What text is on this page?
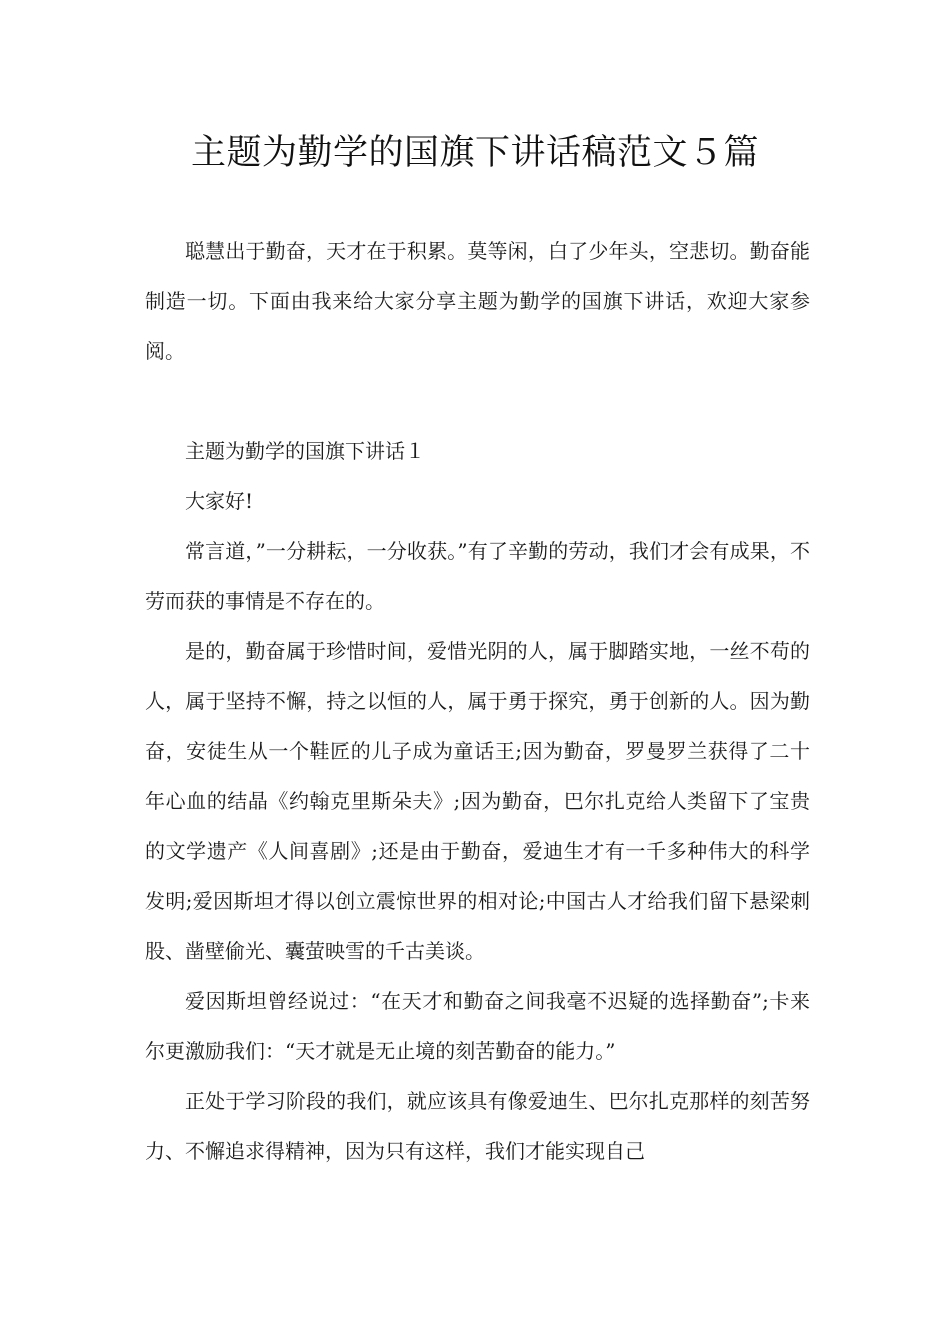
主题为勤学的国旗下讲话稿范文５篇

聪慧出于勤奋，天才在于积累。莫等闲，白了少年头，空悲切。勤奋能制造一切。下面由我来给大家分享主题为勤学的国旗下讲话，欢迎大家参阅。

主题为勤学的国旗下讲话１

大家好!

常言道，”一分耕耘，一分收获。”有了辛勤的劳动，我们才会有成果，不劳而获的事情是不存在的。

是的，勤奋属于珍惜时间，爱惜光阴的人，属于脚踏实地，一丝不苟的人，属于坚持不懈，持之以恒的人，属于勇于探究，勇于创新的人。因为勤奋，安徒生从一个鞋匠的儿子成为童话王;因为勤奋，罗曼罗兰获得了二十年心血的结晶《约翰克里斯朵夫》;因为勤奋，巴尔扎克给人类留下了宝贵的文学遗产《人间喜剧》;还是由于勤奋，爱迪生才有一千多种伟大的科学发明;爱因斯坦才得以创立震惊世界的相对论;中国古人才给我们留下悬梁刺股、凿壁偷光、囊萤映雪的千古美谈。

爱因斯坦曾经说过：“在天才和勤奋之间我毫不迟疑的选择勤奋”;卡来尔更激励我们：“天才就是无止境的刻苦勤奋的能力。”

正处于学习阶段的我们，就应该具有像爱迪生、巴尔扎克那样的刻苦努力、不懈追求得精神，因为只有这样，我们才能实现自己
